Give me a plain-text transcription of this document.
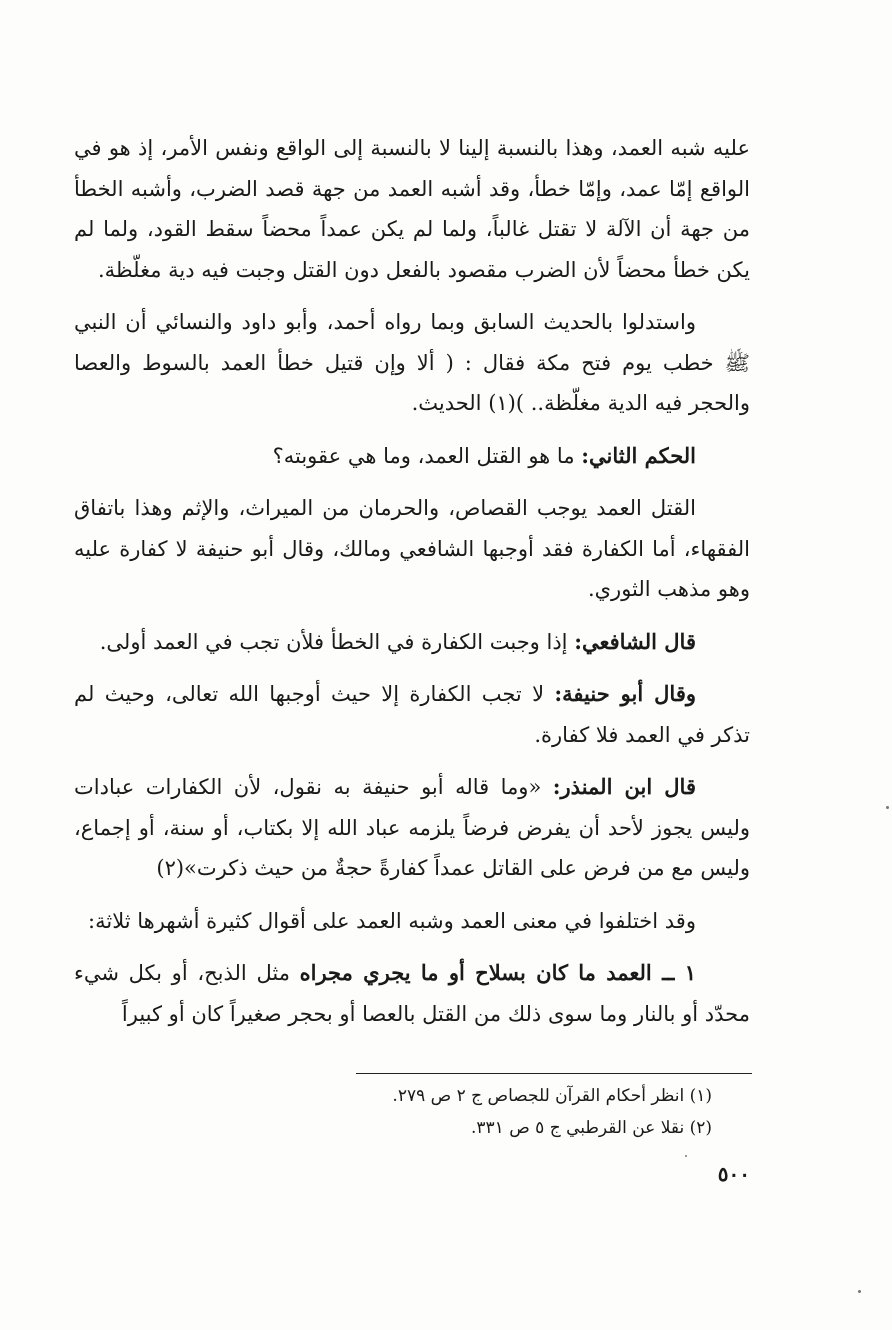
عليه شبه العمد، وهذا بالنسبة إلينا لا بالنسبة إلى الواقع ونفس الأمر، إذ هو في الواقع إمّا عمد، وإمّا خطأ، وقد أشبه العمد من جهة قصد الضرب، وأشبه الخطأ من جهة أن الآلة لا تقتل غالباً، ولما لم يكن عمداً محضاً سقط القود، ولما لم يكن خطأ محضاً لأن الضرب مقصود بالفعل دون القتل وجبت فيه دية مغلّظة.

واستدلوا بالحديث السابق وبما رواه أحمد، وأبو داود والنسائي أن النبي ﷺ خطب يوم فتح مكة فقال : ( ألا وإن قتيل خطأ العمد بالسوط والعصا والحجر فيه الدية مغلّظة.. )(١) الحديث.

الحكم الثاني: ما هو القتل العمد، وما هي عقوبته؟

القتل العمد يوجب القصاص، والحرمان من الميراث، والإثم وهذا باتفاق الفقهاء، أما الكفارة فقد أوجبها الشافعي ومالك، وقال أبو حنيفة لا كفارة عليه وهو مذهب الثوري.

قال الشافعي: إذا وجبت الكفارة في الخطأ فلأن تجب في العمد أولى.

وقال أبو حنيفة: لا تجب الكفارة إلا حيث أوجبها الله تعالى، وحيث لم تذكر في العمد فلا كفارة.

قال ابن المنذر: «وما قاله أبو حنيفة به نقول، لأن الكفارات عبادات وليس يجوز لأحد أن يفرض فرضاً يلزمه عباد الله إلا بكتاب، أو سنة، أو إجماع، وليس مع من فرض على القاتل عمداً كفارةً حجةٌ من حيث ذكرت»(٢)

وقد اختلفوا في معنى العمد وشبه العمد على أقوال كثيرة أشهرها ثلاثة:

١ ــ العمد ما كان بسلاح أو ما يجري مجراه مثل الذبح، أو بكل شيء محدّد أو بالنار وما سوى ذلك من القتل بالعصا أو بحجر صغيراً كان أو كبيراً

(١) انظر أحكام القرآن للجصاص ج ٢ ص ٢٧٩.

(٢) نقلا عن القرطبي ج ٥ ص ٣٣١.

٥٠٠
